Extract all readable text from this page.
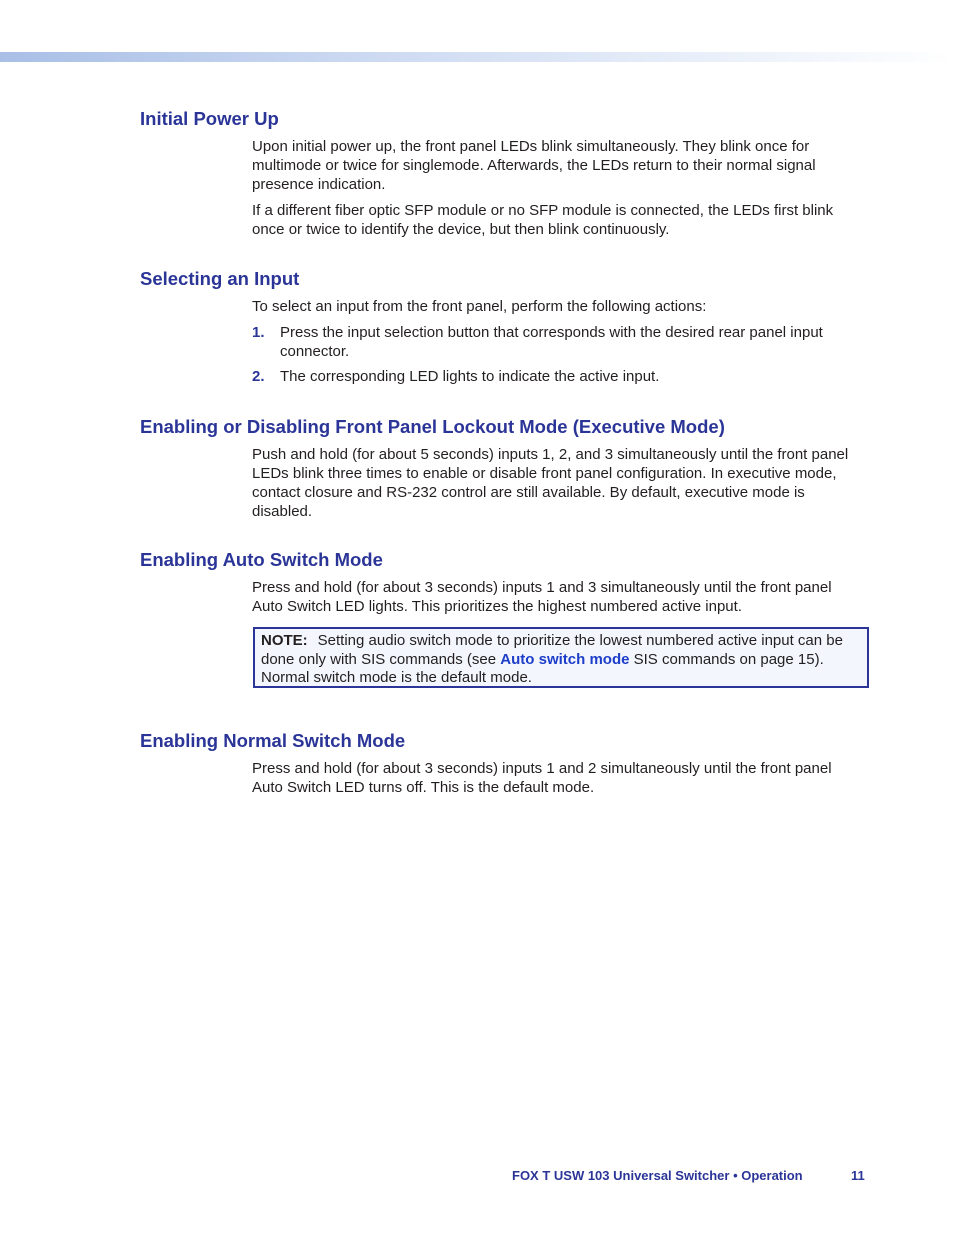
Initial Power Up

Upon initial power up, the front panel LEDs blink simultaneously. They blink once for multimode or twice for singlemode. Afterwards, the LEDs return to their normal signal presence indication.

If a different fiber optic SFP module or no SFP module is connected, the LEDs first blink once or twice to identify the device, but then blink continuously.

Selecting an Input

To select an input from the front panel, perform the following actions:

1. Press the input selection button that corresponds with the desired rear panel input connector.
2. The corresponding LED lights to indicate the active input.
Enabling or Disabling Front Panel Lockout Mode (Executive Mode)

Push and hold (for about 5 seconds) inputs 1, 2, and 3 simultaneously until the front panel LEDs blink three times to enable or disable front panel configuration. In executive mode, contact closure and RS-232 control are still available. By default, executive mode is disabled.

Enabling Auto Switch Mode

Press and hold (for about 3 seconds) inputs 1 and 3 simultaneously until the front panel Auto Switch LED lights. This prioritizes the highest numbered active input.

NOTE: Setting audio switch mode to prioritize the lowest numbered active input can be done only with SIS commands (see Auto switch mode SIS commands on page 15). Normal switch mode is the default mode.
Enabling Normal Switch Mode

Press and hold (for about 3 seconds) inputs 1 and 2 simultaneously until the front panel Auto Switch LED turns off. This is the default mode.

FOX T USW 103 Universal Switcher • Operation	11
